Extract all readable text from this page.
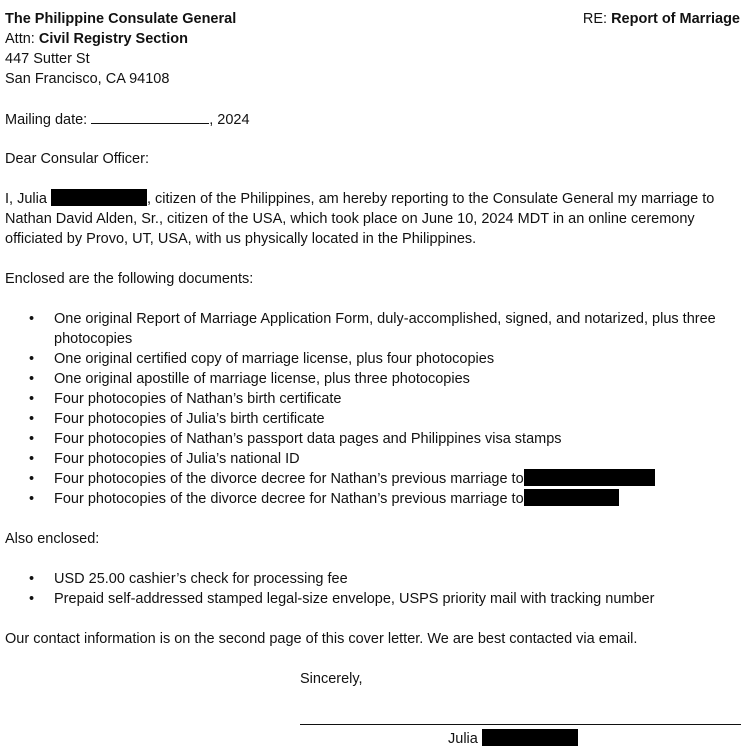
The Philippine Consulate General	RE: Report of Marriage
Attn: Civil Registry Section
447 Sutter St
San Francisco, CA 94108
Mailing date:	, 2024
Dear Consular Officer:
I, Julia	, citizen of the Philippines, am hereby reporting to the Consulate General my marriage to
Nathan David Alden, Sr., citizen of the USA, which took place on June 10, 2024 MDT in an online ceremony
officiated by Provo, UT, USA, with us physically located in the Philippines.
Enclosed are the following documents:
• One original Report of Marriage Application Form, duly-accomplished, signed, and notarized, plus three photocopies
• One original certified copy of marriage license, plus four photocopies
• One original apostille of marriage license, plus three photocopies
• Four photocopies of Nathan’s birth certificate
• Four photocopies of Julia’s birth certificate
• Four photocopies of Nathan’s passport data pages and Philippines visa stamps
• Four photocopies of Julia’s national ID
• Four photocopies of the divorce decree for Nathan’s previous marriage to
• Four photocopies of the divorce decree for Nathan’s previous marriage to
Also enclosed:
• USD 25.00 cashier’s check for processing fee
• Prepaid self-addressed stamped legal-size envelope, USPS priority mail with tracking number
Our contact information is on the second page of this cover letter. We are best contacted via email.
Sincerely,
Julia
